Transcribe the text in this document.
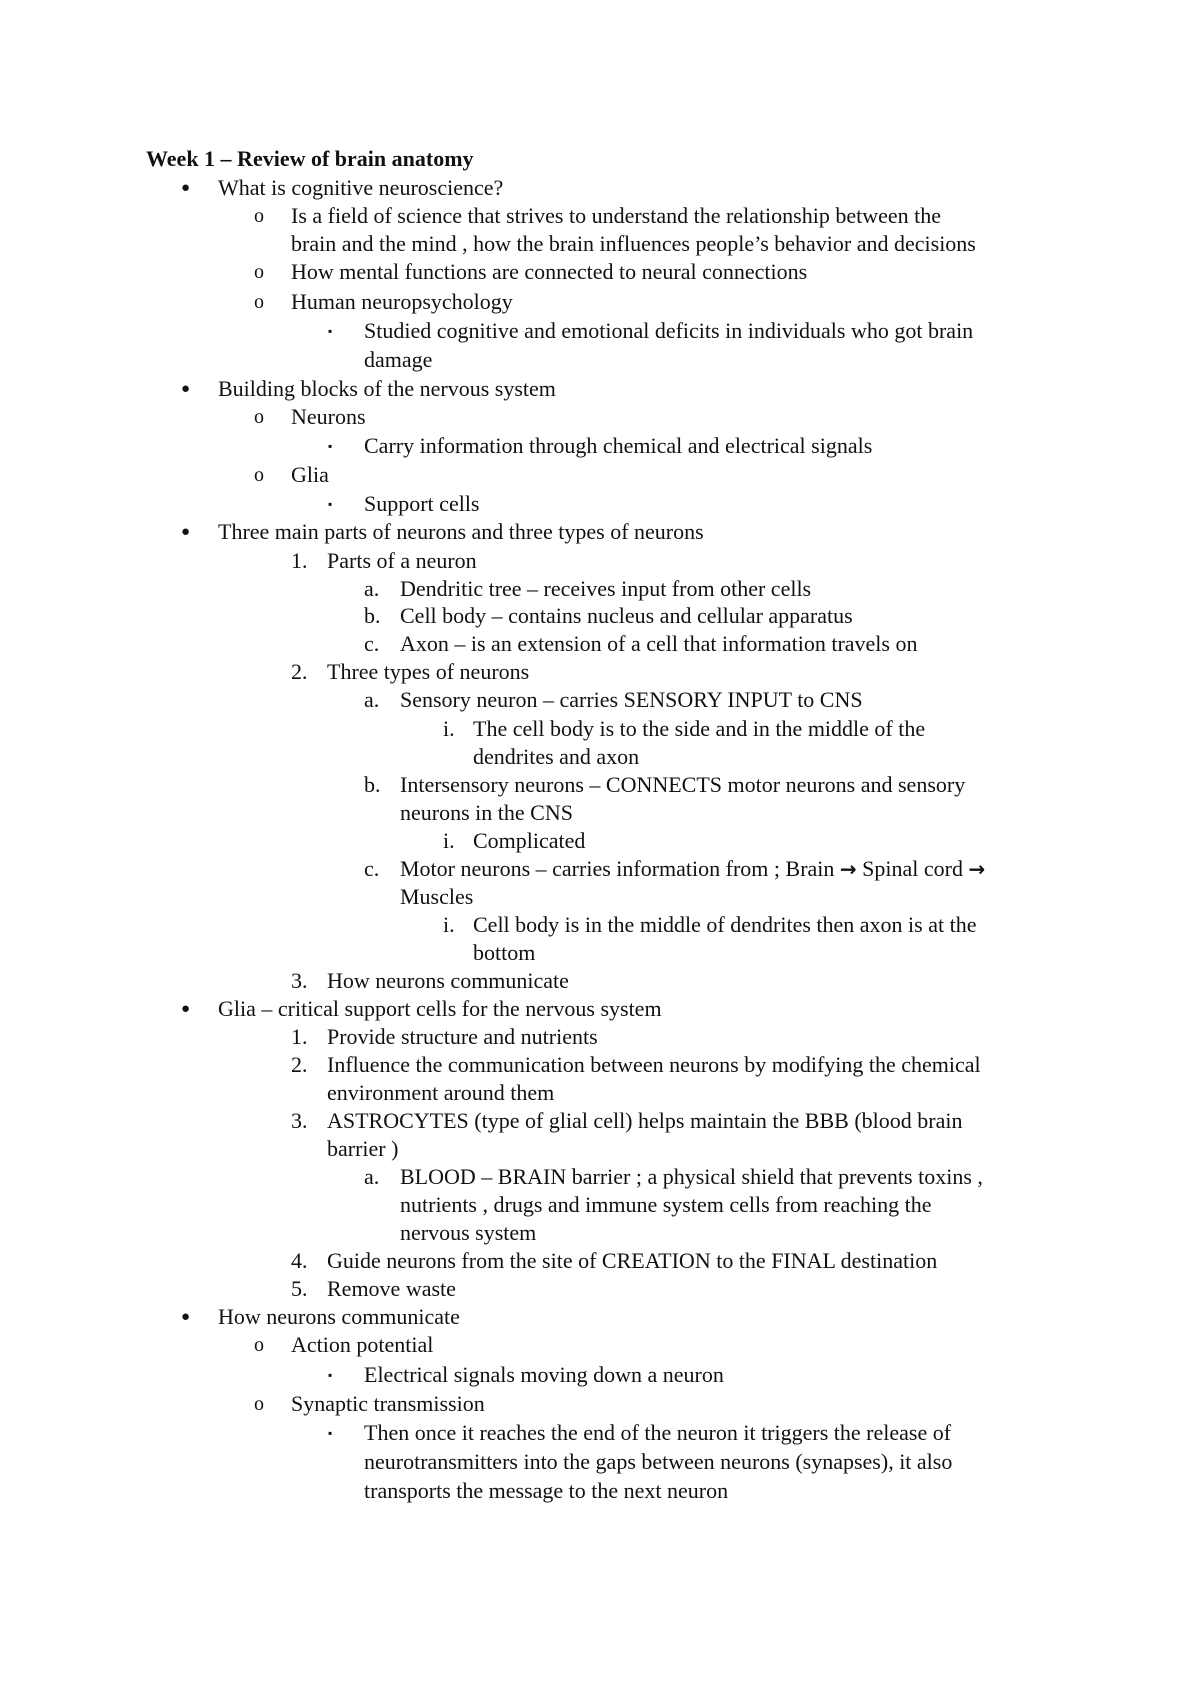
Week 1 – Review of brain anatomy
● What is cognitive neuroscience?
o Is a field of science that strives to understand the relationship between the
brain and the mind , how the brain influences people’s behavior and decisions
o How mental functions are connected to neural connections
o Human neuropsychology
▪ Studied cognitive and emotional deficits in individuals who got brain
damage
● Building blocks of the nervous system
o Neurons
▪ Carry information through chemical and electrical signals
o Glia
▪ Support cells
● Three main parts of neurons and three types of neurons
1. Parts of a neuron
a. Dendritic tree – receives input from other cells
b. Cell body – contains nucleus and cellular apparatus
c. Axon – is an extension of a cell that information travels on
2. Three types of neurons
a. Sensory neuron – carries SENSORY INPUT to CNS
i. The cell body is to the side and in the middle of the
dendrites and axon
b. Intersensory neurons – CONNECTS motor neurons and sensory
neurons in the CNS
i. Complicated
c. Motor neurons – carries information from ; Brain → Spinal cord →
Muscles
i. Cell body is in the middle of dendrites then axon is at the
bottom
3. How neurons communicate
● Glia – critical support cells for the nervous system
1. Provide structure and nutrients
2. Influence the communication between neurons by modifying the chemical
environment around them
3. ASTROCYTES (type of glial cell) helps maintain the BBB (blood brain
barrier )
a. BLOOD – BRAIN barrier ; a physical shield that prevents toxins ,
nutrients , drugs and immune system cells from reaching the
nervous system
4. Guide neurons from the site of CREATION to the FINAL destination
5. Remove waste
● How neurons communicate
o Action potential
▪ Electrical signals moving down a neuron
o Synaptic transmission
▪ Then once it reaches the end of the neuron it triggers the release of
neurotransmitters into the gaps between neurons (synapses), it also
transports the message to the next neuron
